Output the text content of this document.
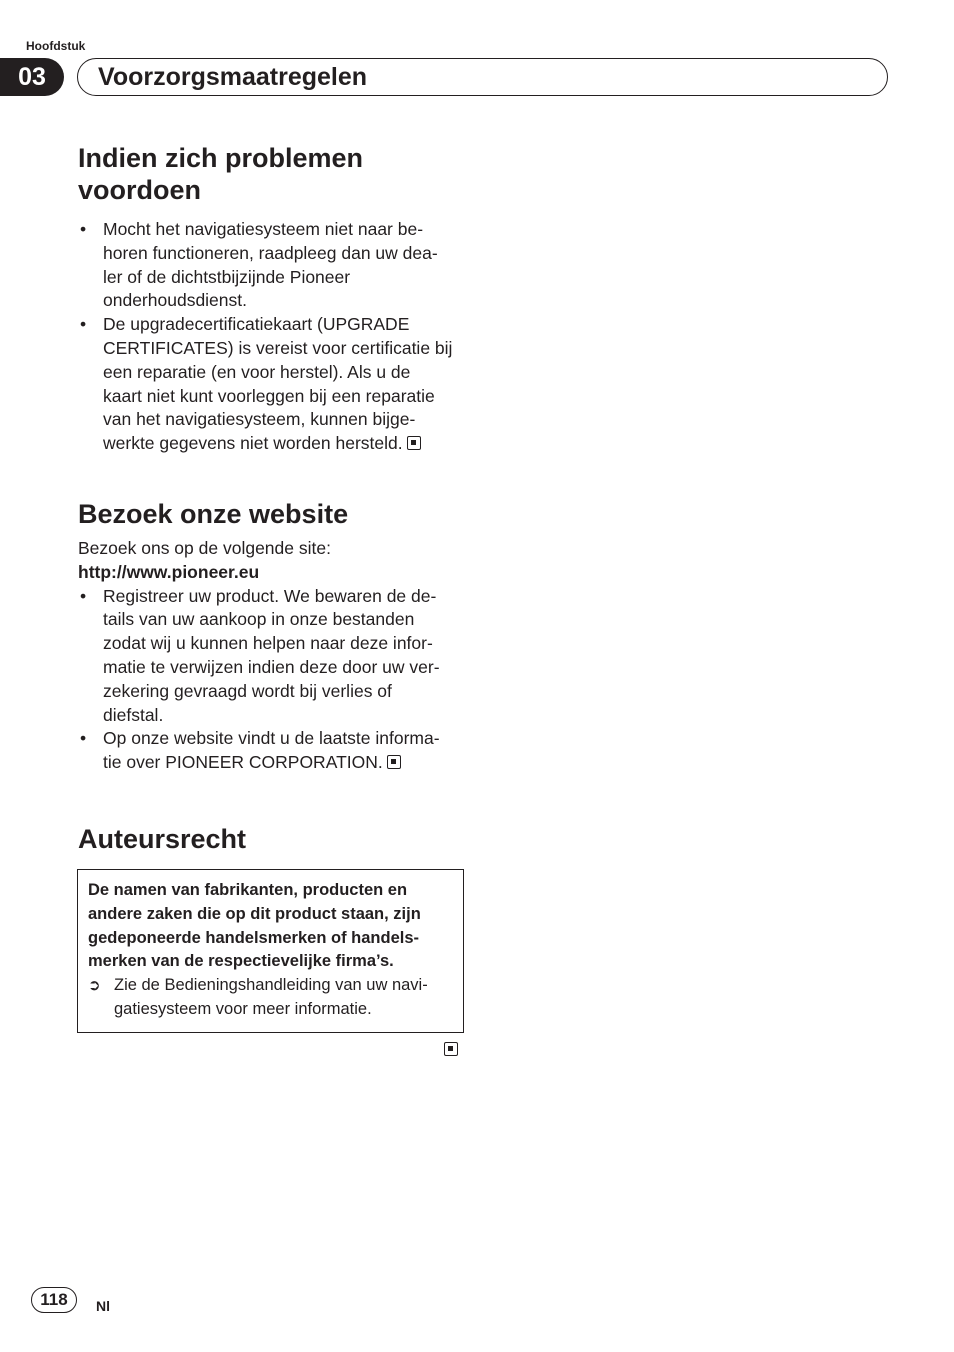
Hoofdstuk
03	Voorzorgsmaatregelen
Indien zich problemen
voordoen
• Mocht het navigatiesysteem niet naar be-
horen functioneren, raadpleeg dan uw dea-
ler of de dichtstbijzijnde Pioneer
onderhoudsdienst.
• De upgradecertificatiekaart (UPGRADE
CERTIFICATES) is vereist voor certificatie bij
een reparatie (en voor herstel). Als u de
kaart niet kunt voorleggen bij een reparatie
van het navigatiesysteem, kunnen bijge-
werkte gegevens niet worden hersteld.
Bezoek onze website
Bezoek ons op de volgende site:
http://www.pioneer.eu
• Registreer uw product. We bewaren de de-
tails van uw aankoop in onze bestanden
zodat wij u kunnen helpen naar deze infor-
matie te verwijzen indien deze door uw ver-
zekering gevraagd wordt bij verlies of
diefstal.
• Op onze website vindt u de laatste informa-
tie over PIONEER CORPORATION.
Auteursrecht
De namen van fabrikanten, producten en
andere zaken die op dit product staan, zijn
gedeponeerde handelsmerken of handels-
merken van de respectievelijke firma’s.
➲ Zie de Bedieningshandleiding van uw navi-
gatiesysteem voor meer informatie.
118	Nl
